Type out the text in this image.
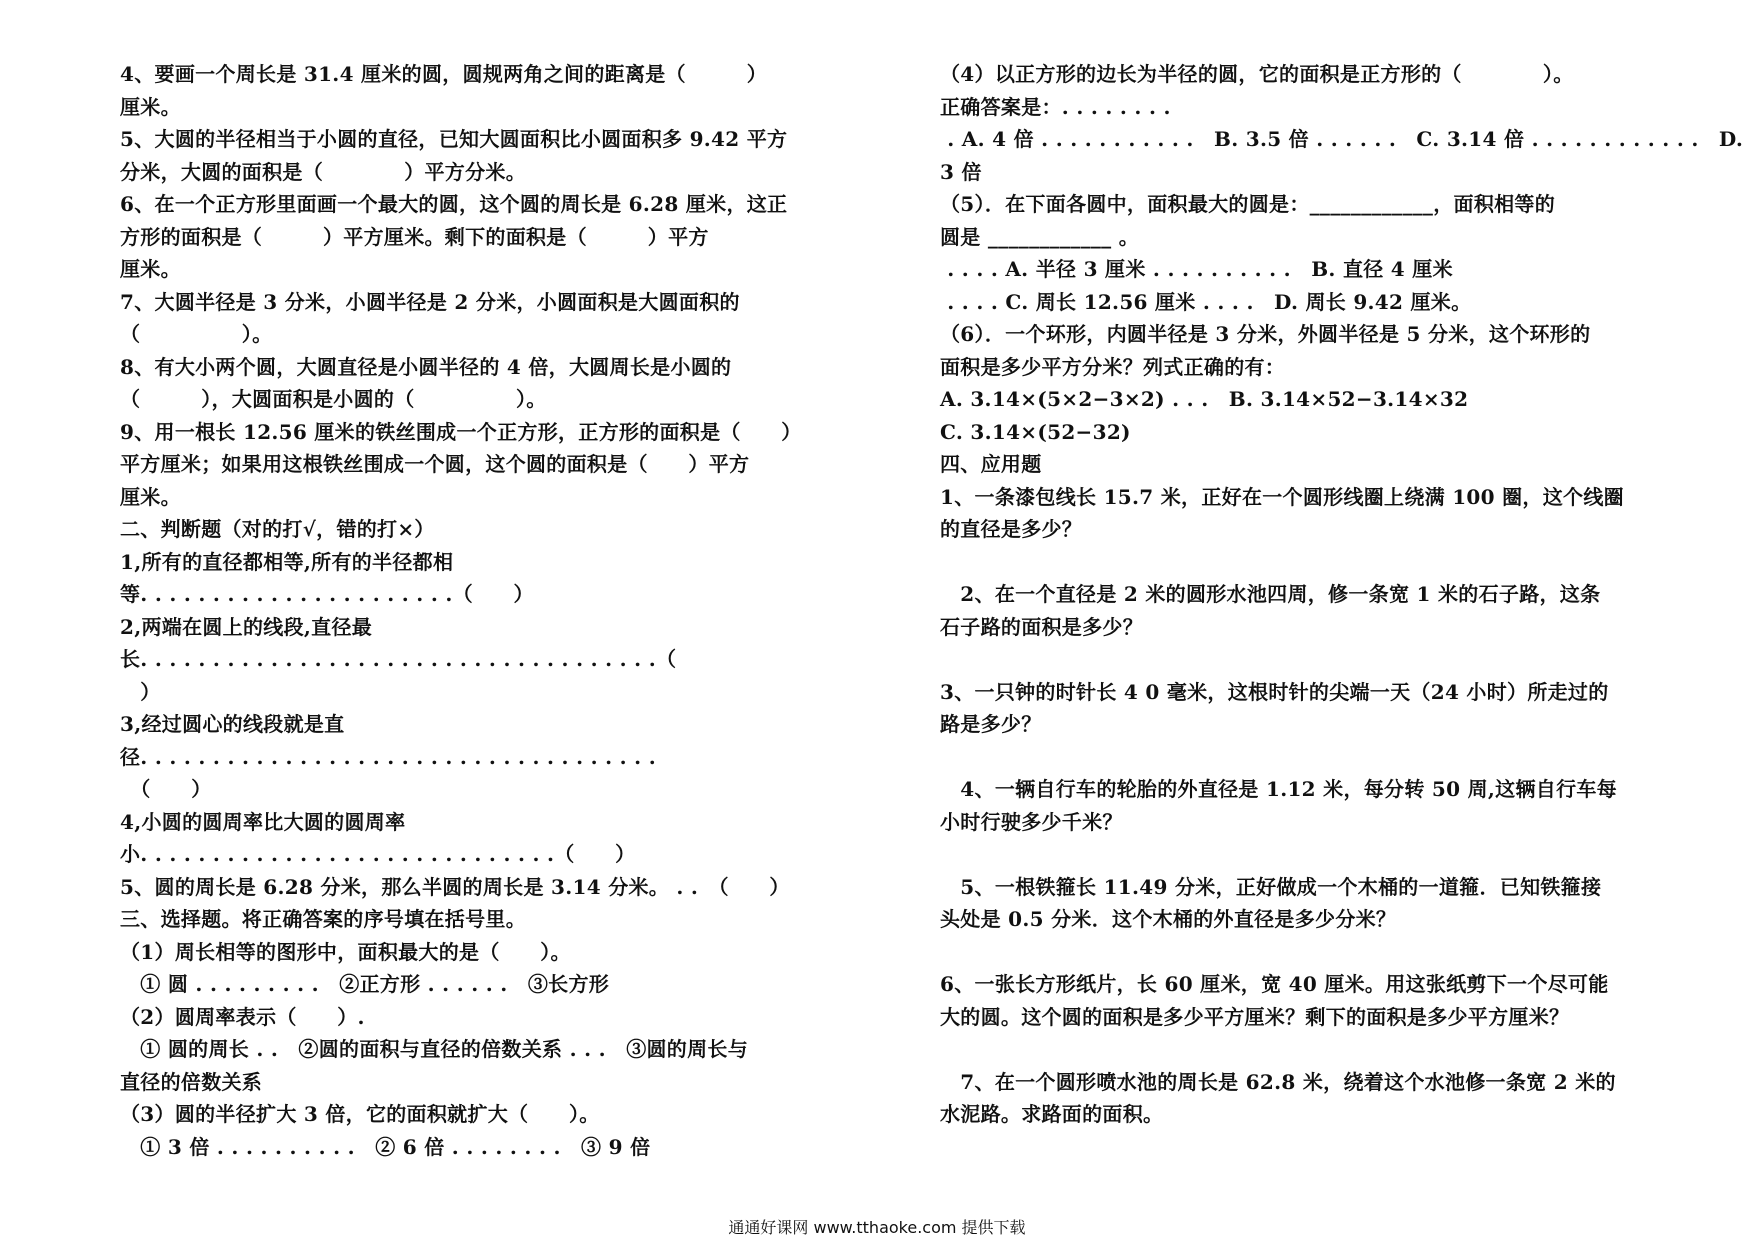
4、要画一个周长是 31.4 厘米的圆，圆规两角之间的距离是（　　　）
厘米。
5、大圆的半径相当于小圆的直径，已知大圆面积比小圆面积多 9.42 平方
分米，大圆的面积是（　　　　）平方分米。
6、在一个正方形里面画一个最大的圆，这个圆的周长是 6.28 厘米，这正
方形的面积是（　　　）平方厘米。剩下的面积是（　　　）平方
厘米。
7、大圆半径是 3 分米，小圆半径是 2 分米，小圆面积是大圆面积的
（　　　　　）。
8、有大小两个圆，大圆直径是小圆半径的 4 倍，大圆周长是小圆的
（　　　），大圆面积是小圆的（　　　　　）。
9、用一根长 12.56 厘米的铁丝围成一个正方形，正方形的面积是（　　）
平方厘米；如果用这根铁丝围成一个圆，这个圆的面积是（　　）平方
厘米。
二、判断题（对的打√，错的打×）
1,所有的直径都相等,所有的半径都相
等. . . . . . . . . . . . . . . . . . . . . .（　　）
2,两端在圆上的线段,直径最
长. . . . . . . . . . . . . . . . . . . . . . . . . . . . . . . . . . . .（
　）
3,经过圆心的线段就是直
径. . . . . . . . . . . . . . . . . . . . . . . . . . . . . . . . . . . .
　（　　）
4,小圆的圆周率比大圆的圆周率
小. . . . . . . . . . . . . . . . . . . . . . . . . . . . .（　　）
5、圆的周长是 6.28 分米，那么半圆的周长是 3.14 分米。 . .　（　　）
三、选择题。将正确答案的序号填在括号里。
（1）周长相等的图形中，面积最大的是（　　）。
　① 圆 . . . . . . . . .　②正方形 . . . . . .　③长方形
（2）圆周率表示（　　）.
　① 圆的周长 . .　②圆的面积与直径的倍数关系 . . .　③圆的周长与
直径的倍数关系
（3）圆的半径扩大 3 倍，它的面积就扩大（　　）。
　① 3 倍 . . . . . . . . . .　② 6 倍 . . . . . . . .　③ 9 倍
（4）以正方形的边长为半径的圆，它的面积是正方形的（　　　　）。
正确答案是：. . . . . . . .
. A. 4 倍 . . . . . . . . . . .　B. 3.5 倍 . . . . . .　C. 3.14 倍 . . . . . . . . . . . .　D.
3 倍
（5）．在下面各圆中，面积最大的圆是：____________，面积相等的
圆是 ____________ 。
. . . . A. 半径 3 厘米 . . . . . . . . . .　B. 直径 4 厘米
. . . . C. 周长 12.56 厘米 . . . .　D. 周长 9.42 厘米。
（6）．一个环形，内圆半径是 3 分米，外圆半径是 5 分米，这个环形的
面积是多少平方分米？列式正确的有：
A. 3.14×(5×2−3×2) . . .　B. 3.14×52−3.14×32
C. 3.14×(52−32)
四、应用题
1、一条漆包线长 15.7 米，正好在一个圆形线圈上绕满 100 圈，这个线圈
的直径是多少？
　2、在一个直径是 2 米的圆形水池四周，修一条宽 1 米的石子路，这条
石子路的面积是多少？
3、一只钟的时针长 4 0 毫米，这根时针的尖端一天（24 小时）所走过的
路是多少？
　4、一辆自行车的轮胎的外直径是 1.12 米，每分转 50 周,这辆自行车每
小时行驶多少千米？
　5、一根铁箍长 11.49 分米，正好做成一个木桶的一道箍．已知铁箍接
头处是 0.5 分米．这个木桶的外直径是多少分米？
6、一张长方形纸片，长 60 厘米，宽 40 厘米。用这张纸剪下一个尽可能
大的圆。这个圆的面积是多少平方厘米？剩下的面积是多少平方厘米？
　7、在一个圆形喷水池的周长是 62.8 米，绕着这个水池修一条宽 2 米的
水泥路。求路面的面积。
通通好课网 www.tthaoke.com 提供下载
